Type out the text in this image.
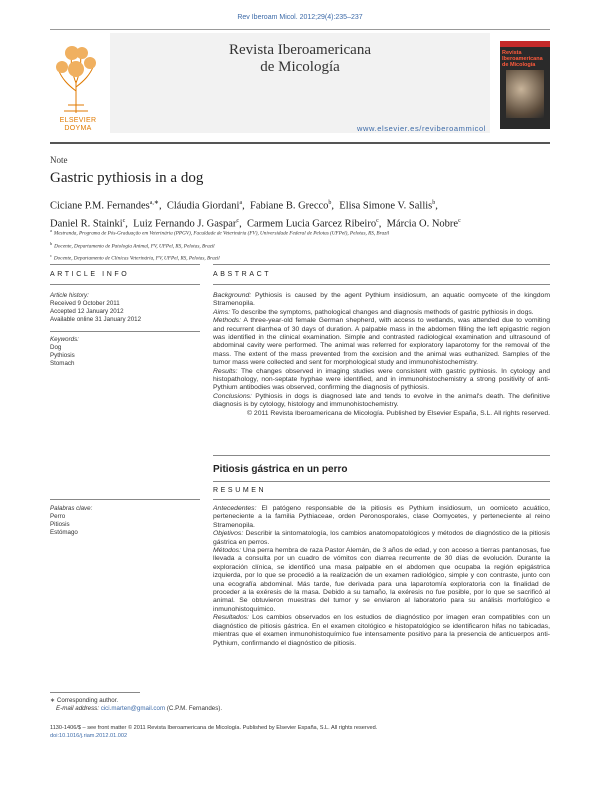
Rev Iberoam Micol. 2012;29(4):235–237
ELSEVIER
DOYMA
Revista Iberoamericana
de Micología
www.elsevier.es/reviberoammicol
Revista Iberoamericana de Micología
Note
Gastric pythiosis in a dog
Ciciane P.M. Fernandes$^{a,∗}$,  Cláudia Giordani$^a$,  Fabiane B. Grecco$^b$,  Elisa Simone V. Sallis$^b$,
Daniel R. Stainki$^c$,  Luiz Fernando J. Gaspar$^c$,  Carmem Lucia Garcez Ribeiro$^c$,  Márcia O. Nobre$^c$
$^a$Mestranda, Programa de Pós-Graduação em Veterinária (PPGV), Faculdade de Veterinária (FV), Universidade Federal de Pelotas (UFPel), Pelotas, RS, Brazil
$^b$Docente, Departamento de Patologia Animal, FV, UFPel, RS, Pelotas, Brazil
$^c$Docente, Departamento de Clínicas Veterinária, FV, UFPel, RS, Pelotas, Brazil
ARTICLE INFO	ABSTRACT
Article history:
Received 9 October 2011
Accepted 12 January 2012
Available online 31 January 2012
Keywords:
Dog
Pythiosis
Stomach

Background: Pythiosis is caused by the agent Pythium insidiosum, an aquatic oomycete of the kingdom Stramenopila.

Aims: To describe the symptoms, pathological changes and diagnosis methods of gastric pythiosis in dogs.

Methods: A three-year-old female German shepherd, with access to wetlands, was attended due to vomiting and recurrent diarrhea of 30 days of duration. A palpable mass in the abdomen filling the left epigastric region was identified in the clinical examination. Simple and contrasted radiological examination and ultrasound of abdominal cavity were performed. The animal was referred for exploratory laparotomy for the removal of the mass. The extent of the mass prevented from the excision and the animal was euthanized. Samples of the tumor mass were collected and sent for morphological study and immunohistochemistry.

Results: The changes observed in imaging studies were consistent with gastric pythiosis. In cytology and histopathology, non-septate hyphae were identified, and in immunohistochemistry a strong positivity of anti-Pythium antibodies was observed, confirming the diagnosis of pythiosis.

Conclusions: Pythiosis in dogs is diagnosed late and tends to evolve in the animal's death. The definitive diagnosis is by cytology, histology and immunohistochemistry.

© 2011 Revista Iberoamericana de Micología. Published by Elsevier España, S.L. All rights reserved.

Pitiosis gástrica en un perro
RESUMEN
Palabras clave:
Perro
Pitiosis
Estómago

Antecedentes: El patógeno responsable de la pitiosis es Pythium insidiosum, un oomiceto acuático, perteneciente a la familia Pythiaceae, orden Peronosporales, clase Oomycetes, y perteneciente al reino Stramenopila.

Objetivos: Describir la sintomatología, los cambios anatomopatológicos y métodos de diagnóstico de la pitiosis gástrica en perros.

Métodos: Una perra hembra de raza Pastor Alemán, de 3 años de edad, y con acceso a tierras pantanosas, fue llevada a consulta por un cuadro de vómitos con diarrea recurrente de 30 días de evolución. Durante la exploración clínica, se identificó una masa palpable en el abdomen que ocupaba la región epigástrica izquierda, por lo que se procedió a la realización de un examen radiológico, simple y con contraste, junto con una ecografía abdominal. Más tarde, fue derivada para una laparotomía exploratoria con la finalidad de proceder a la exéresis de la masa. Debido a su tamaño, la exéresis no fue posible, por lo que se sacrificó al animal. Se obtuvieron muestras del tumor y se enviaron al laboratorio para su análisis morfológico e inmunohistoquímico.

Resultados: Los cambios observados en los estudios de diagnóstico por imagen eran compatibles con un diagnóstico de pitiosis gástrica. En el examen citológico e histopatológico se identificaron hifas no tabicadas, mientras que el examen inmunohistoquímico fue intensamente positivo para la presencia de anticuerpos anti-Pythium, confirmando el diagnóstico de pitiosis.

∗ Corresponding author.
E-mail address: cici.marten@gmail.com (C.P.M. Fernandes).
1130-1406/$ – see front matter © 2011 Revista Iberoamericana de Micología. Published by Elsevier España, S.L. All rights reserved.
doi:10.1016/j.riam.2012.01.002
